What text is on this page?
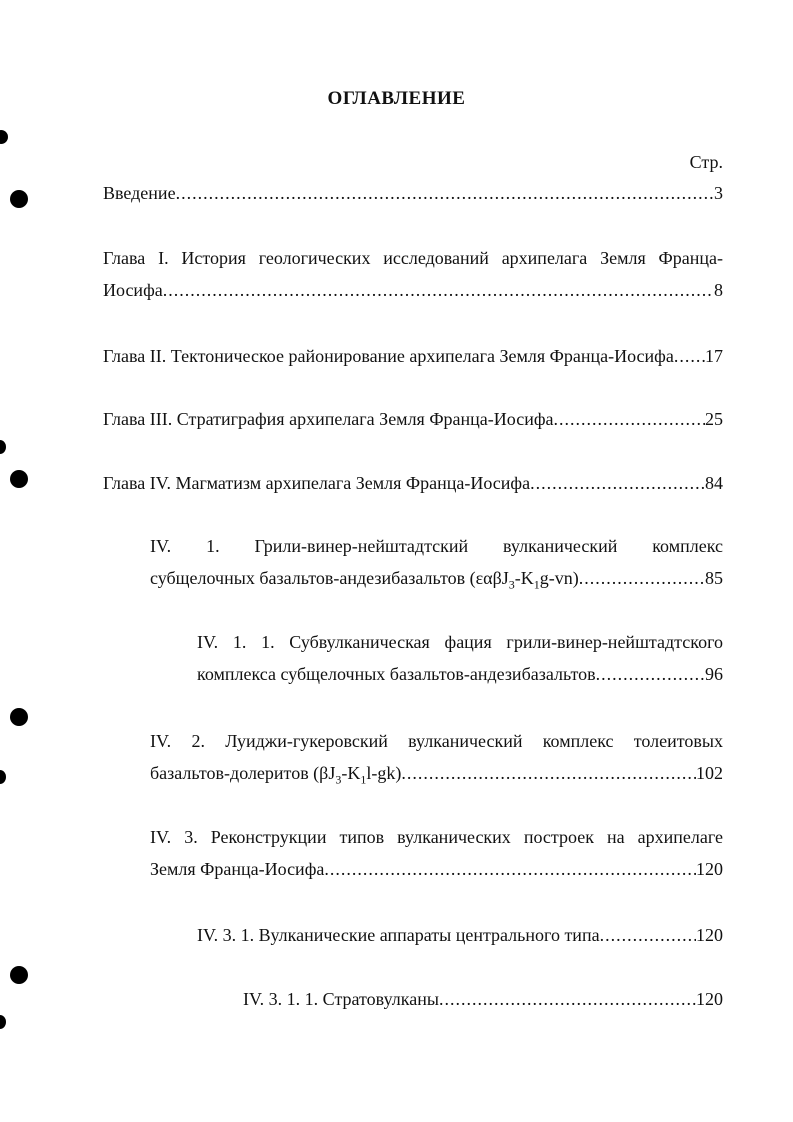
ОГЛАВЛЕНИЕ
Стр.
Введение .....	3
Глава I. История геологических исследований архипелага Земля Франца-
Иосифа .....	8
Глава II. Тектоническое районирование архипелага Земля Франца-Иосифа ..... 17
Глава III. Стратиграфия архипелага Земля Франца-Иосифа .....	25
Глава IV. Магматизм архипелага Земля Франца-Иосифа .....	84
IV. 1. Грили-винер-нейштадтский вулканический комплекс
субщелочных базальтов-андезибазальтов $(\varepsilon\alpha\beta J_3-K_1g-vn)$ .....	85
IV. 1. 1. Субвулканическая фация грили-винер-нейштадтского
комплекса субщелочных базальтов-андезибазальтов .....	96
IV. 2. Луиджи-гукеровский вулканический комплекс толеитовых
базальтов-долеритов $(\beta J_3-K_1l-gk)$ .....	102
IV. 3. Реконструкции типов вулканических построек на архипелаге
Земля Франца-Иосифа .....	120
IV. 3. 1. Вулканические аппараты центрального типа .....	120
IV. 3. 1. 1. Стратовулканы .....	120
